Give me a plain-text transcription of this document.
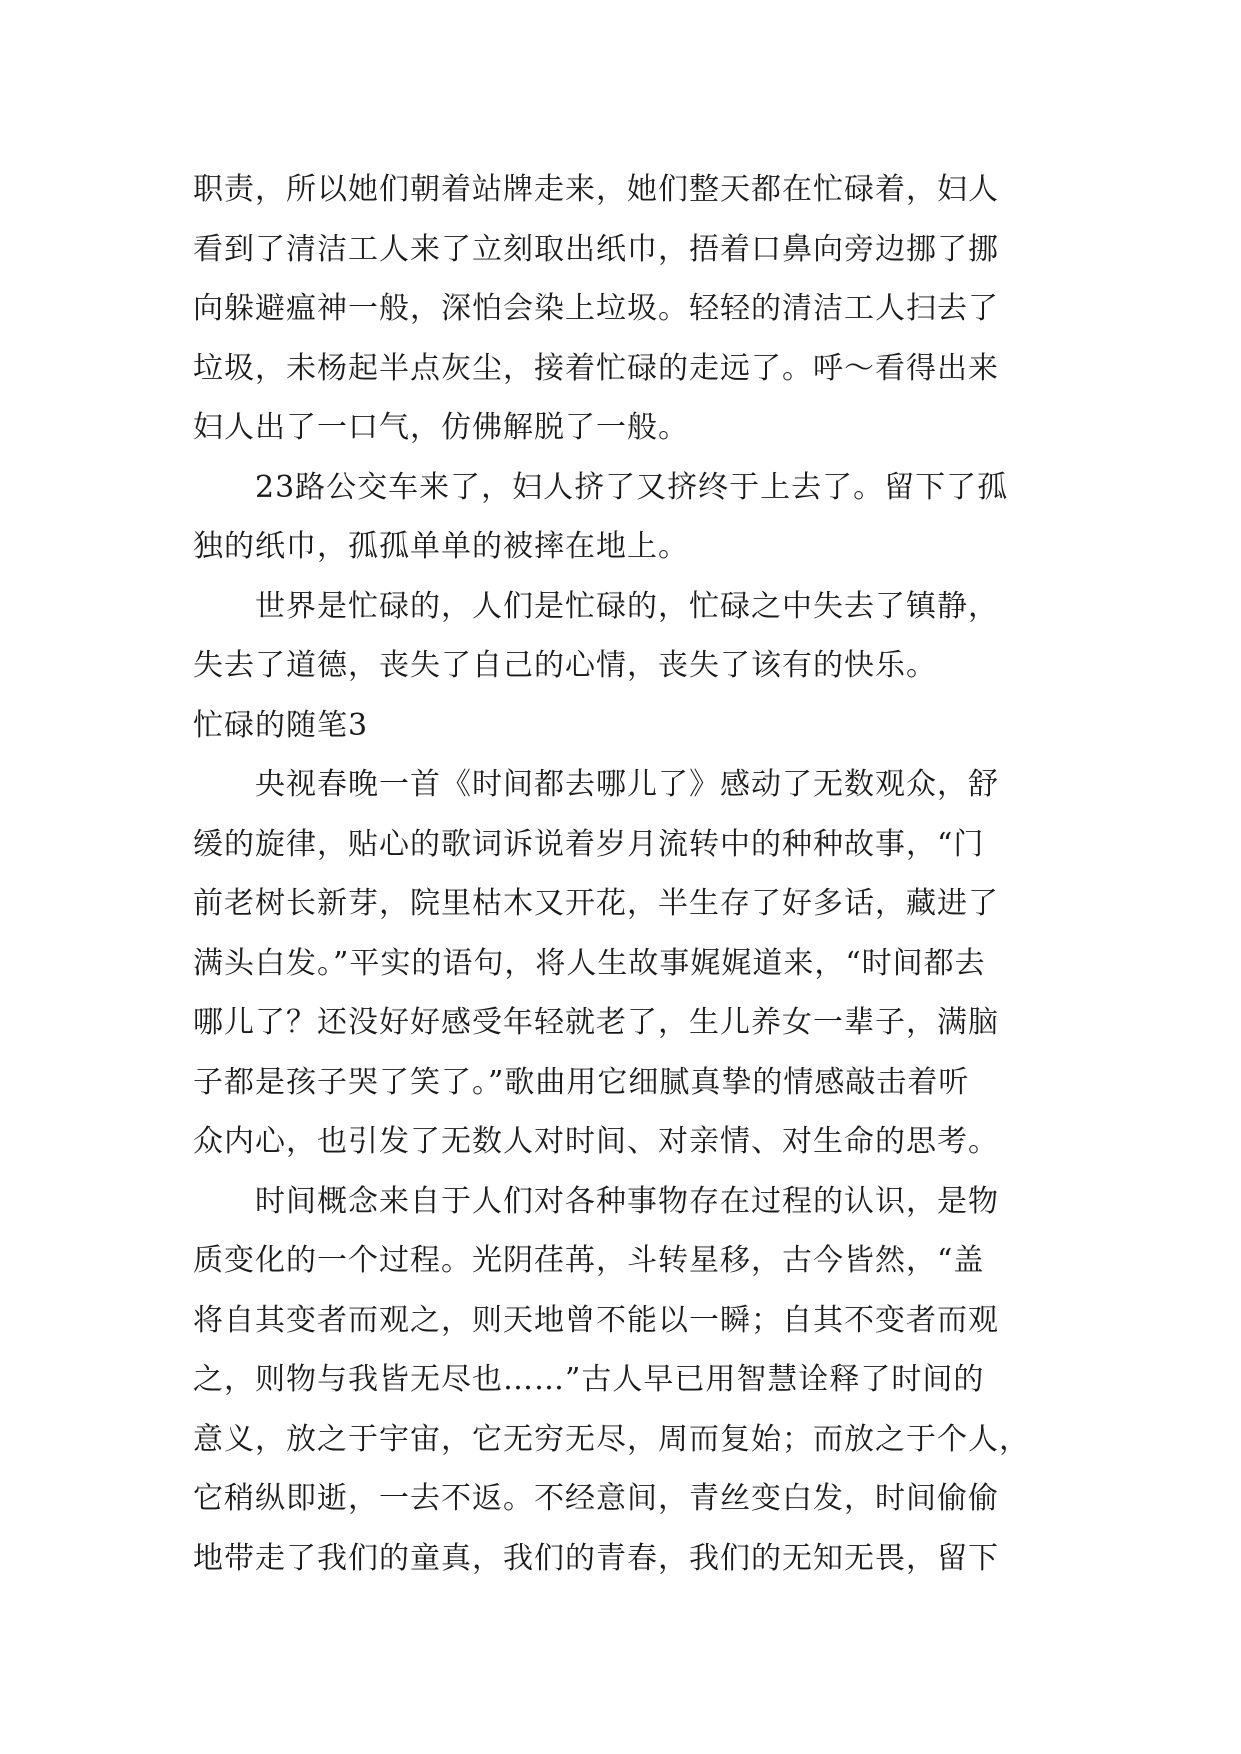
职责，所以她们朝着站牌走来，她们整天都在忙碌着，妇人
看到了清洁工人来了立刻取出纸巾，捂着口鼻向旁边挪了挪
向躲避瘟神一般，深怕会染上垃圾。轻轻的清洁工人扫去了
垃圾，未杨起半点灰尘，接着忙碌的走远了。呼～看得出来
妇人出了一口气，仿佛解脱了一般。
23路公交车来了，妇人挤了又挤终于上去了。留下了孤
独的纸巾，孤孤单单的被摔在地上。
世界是忙碌的，人们是忙碌的，忙碌之中失去了镇静，
失去了道德，丧失了自己的心情，丧失了该有的快乐。
忙碌的随笔3
央视春晚一首《时间都去哪儿了》感动了无数观众，舒
缓的旋律，贴心的歌词诉说着岁月流转中的种种故事，“门
前老树长新芽，院里枯木又开花，半生存了好多话，藏进了
满头白发。”平实的语句，将人生故事娓娓道来，“时间都去
哪儿了？还没好好感受年轻就老了，生儿养女一辈子，满脑
子都是孩子哭了笑了。”歌曲用它细腻真挚的情感敲击着听
众内心，也引发了无数人对时间、对亲情、对生命的思考。
时间概念来自于人们对各种事物存在过程的认识，是物
质变化的一个过程。光阴荏苒，斗转星移，古今皆然，“盖
将自其变者而观之，则天地曾不能以一瞬；自其不变者而观
之，则物与我皆无尽也……”古人早已用智慧诠释了时间的
意义，放之于宇宙，它无穷无尽，周而复始；而放之于个人，
它稍纵即逝，一去不返。不经意间，青丝变白发，时间偷偷
地带走了我们的童真，我们的青春，我们的无知无畏，留下
